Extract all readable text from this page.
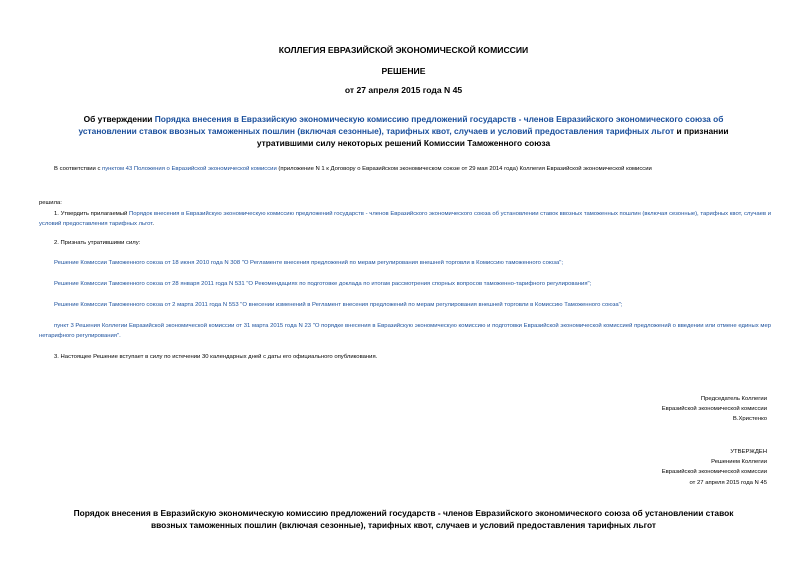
КОЛЛЕГИЯ ЕВРАЗИЙСКОЙ ЭКОНОМИЧЕСКОЙ КОМИССИИ
РЕШЕНИЕ
от 27 апреля 2015 года N 45
Об утверждении Порядка внесения в Евразийскую экономическую комиссию предложений государств - членов Евразийского экономического союза об установлении ставок ввозных таможенных пошлин (включая сезонные), тарифных квот, случаев и условий предоставления тарифных льгот и признании утратившими силу некоторых решений Комиссии Таможенного союза
В соответствии с пунктом 43 Положения о Евразийской экономической комиссии (приложение N 1 к Договору о Евразийском экономическом союзе от 29 мая 2014 года) Коллегия Евразийской экономической комиссии
решила:
1. Утвердить прилагаемый Порядок внесения в Евразийскую экономическую комиссию предложений государств - членов Евразийского экономического союза об установлении ставок ввозных таможенных пошлин (включая сезонные), тарифных квот, случаев и условий предоставления тарифных льгот.
2. Признать утратившими силу:
Решение Комиссии Таможенного союза от 18 июня 2010 года N 308 "О Регламенте внесения предложений по мерам регулирования внешней торговли в Комиссию таможенного союза";
Решение Комиссии Таможенного союза от 28 января 2011 года N 531 "О Рекомендациях по подготовке доклада по итогам рассмотрения спорных вопросов таможенно-тарифного регулирования";
Решение Комиссии Таможенного союза от 2 марта 2011 года N 553 "О внесении изменений в Регламент внесения предложений по мерам регулирования внешней торговли в Комиссию Таможенного союза";
пункт 3 Решения Коллегии Евразийской экономической комиссии от 31 марта 2015 года N 23 "О порядке внесения в Евразийскую экономическую комиссию и подготовки Евразийской экономической комиссией предложений о введении или отмене единых мер нетарифного регулирования".
3. Настоящее Решение вступает в силу по истечении 30 календарных дней с даты его официального опубликования.
Председатель Коллегии
Евразийской экономической комиссии
В.Христенко
УТВЕРЖДЕН
Решением Коллегии
Евразийской экономической комиссии
от 27 апреля 2015 года N 45
Порядок внесения в Евразийскую экономическую комиссию предложений государств - членов Евразийского экономического союза об установлении ставок ввозных таможенных пошлин (включая сезонные), тарифных квот, случаев и условий предоставления тарифных льгот
